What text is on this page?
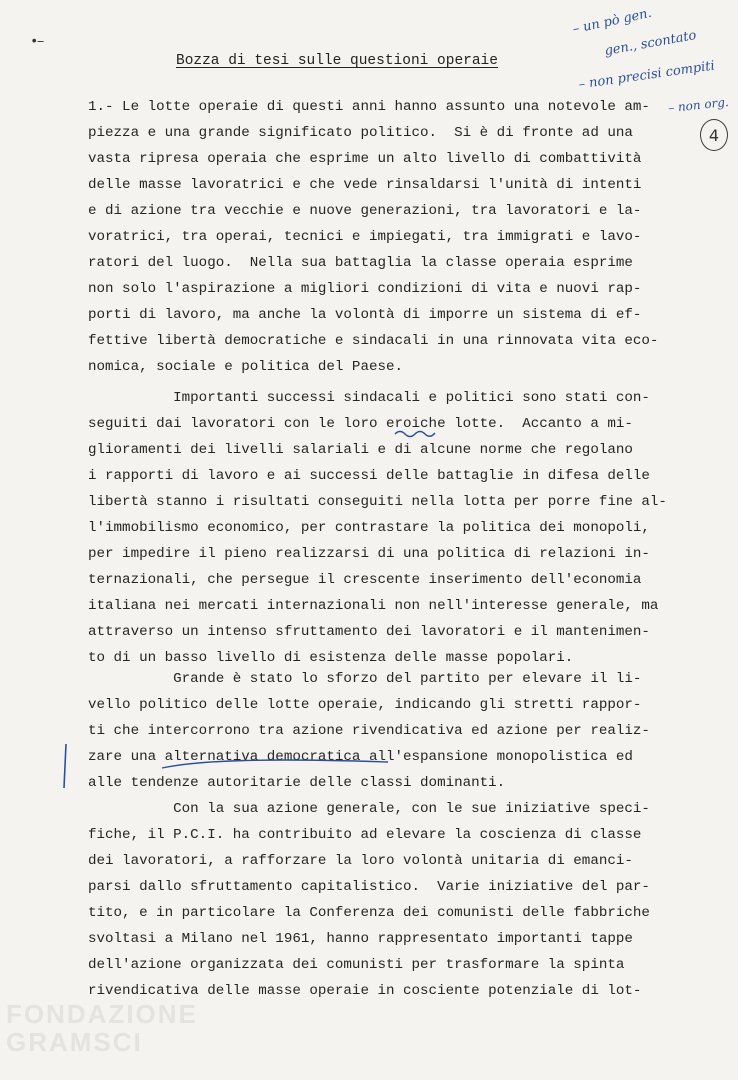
•–
Bozza di tesi sulle questioni operaie
– un pò gen.
gen., scontato
– non precisi compiti
– non org.
4
1.- Le lotte operaie di questi anni hanno assunto una notevole am-
piezza e una grande significato politico.  Si è di fronte ad una
vasta ripresa operaia che esprime un alto livello di combattività
delle masse lavoratrici e che vede rinsaldarsi l'unità di intenti
e di azione tra vecchie e nuove generazioni, tra lavoratori e la-
voratrici, tra operai, tecnici e impiegati, tra immigrati e lavo-
ratori del luogo.  Nella sua battaglia la classe operaia esprime
non solo l'aspirazione a migliori condizioni di vita e nuovi rap-
porti di lavoro, ma anche la volontà di imporre un sistema di ef-
fettive libertà democratiche e sindacali in una rinnovata vita eco-
nomica, sociale e politica del Paese.
Importanti successi sindacali e politici sono stati con-
seguiti dai lavoratori con le loro eroiche lotte.  Accanto a mi-
glioramenti dei livelli salariali e di alcune norme che regolano
i rapporti di lavoro e ai successi delle battaglie in difesa delle
libertà stanno i risultati conseguiti nella lotta per porre fine al-
l'immobilismo economico, per contrastare la politica dei monopoli,
per impedire il pieno realizzarsi di una politica di relazioni in-
ternazionali, che persegue il crescente inserimento dell'economia
italiana nei mercati internazionali non nell'interesse generale, ma
attraverso un intenso sfruttamento dei lavoratori e il mantenimen-
to di un basso livello di esistenza delle masse popolari.
Grande è stato lo sforzo del partito per elevare il li-
vello politico delle lotte operaie, indicando gli stretti rappor-
ti che intercorrono tra azione rivendicativa ed azione per realiz-
zare una alternativa democratica all'espansione monopolistica ed
alle tendenze autoritarie delle classi dominanti.
Con la sua azione generale, con le sue iniziative speci-
fiche, il P.C.I. ha contribuito ad elevare la coscienza di classe
dei lavoratori, a rafforzare la loro volontà unitaria di emanci-
parsi dallo sfruttamento capitalistico.  Varie iniziative del par-
tito, e in particolare la Conferenza dei comunisti delle fabbriche
svoltasi a Milano nel 1961, hanno rappresentato importanti tappe
dell'azione organizzata dei comunisti per trasformare la spinta
rivendicativa delle masse operaie in cosciente potenziale di lot-
FONDAZIONE
GRAMSCI
